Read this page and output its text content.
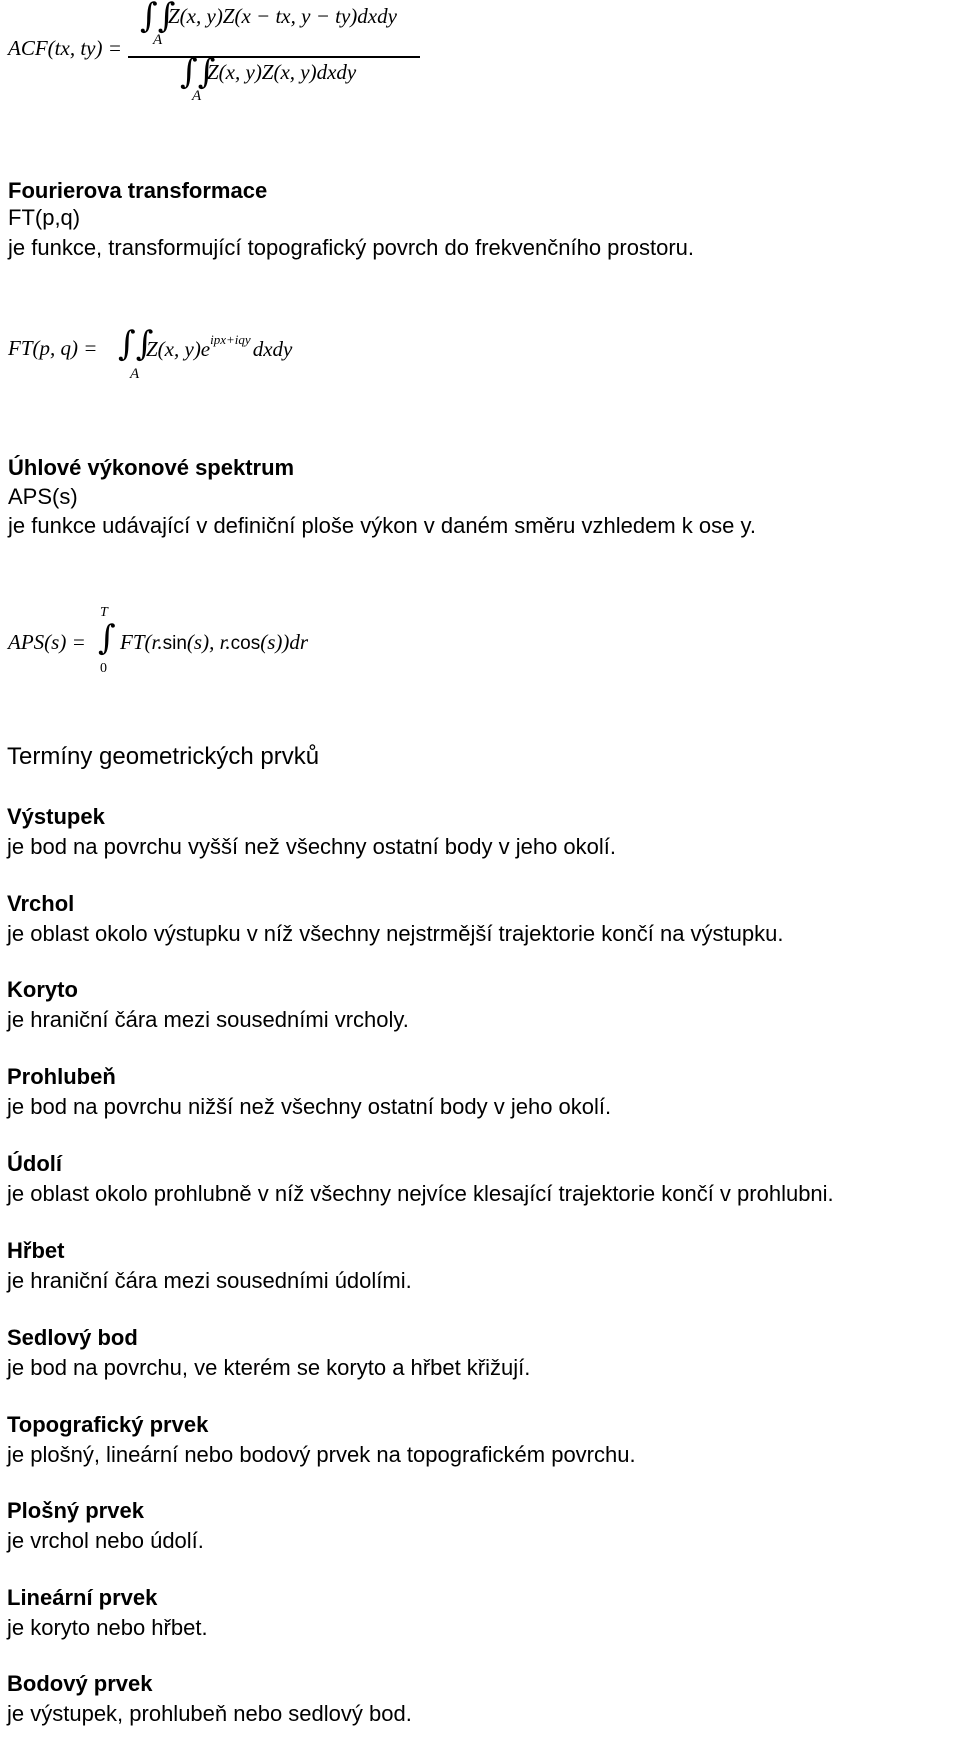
ACF(tx, ty) =
∫∫
Z(x, y)Z(x − tx, y − ty)dxdy
A
∫∫
Z(x, y)Z(x, y)dxdy
A
Fourierova transformace
FT(p,q)
je funkce, transformující topografický povrch do frekvenčního prostoru.
FT(p, q) = ∫∫
Z(x, $y)e^{ipx+iqy}dxdy$
A
Úhlové výkonové spektrum
APS(s)
je funkce udávající v definiční ploše výkon v daném směru vzhledem k ose y.
T
APS(s) = ∫
0
FT(r.sin(s), r.cos(s))dr
Termíny geometrických prvků
Výstupek
je bod na povrchu vyšší než všechny ostatní body v jeho okolí.
Vrchol
je oblast okolo výstupku v níž všechny nejstrmější trajektorie končí na výstupku.
Koryto
je hraniční čára mezi sousedními vrcholy.
Prohlubeň
je bod na povrchu nižší než všechny ostatní body v jeho okolí.
Údolí
je oblast okolo prohlubně v níž všechny nejvíce klesající trajektorie končí v prohlubni.
Hřbet
je hraniční čára mezi sousedními údolími.
Sedlový bod
je bod na povrchu, ve kterém se koryto a hřbet křižují.
Topografický prvek
je plošný, lineární nebo bodový prvek na topografickém povrchu.
Plošný prvek
je vrchol nebo údolí.
Lineární prvek
je koryto nebo hřbet.
Bodový prvek
je výstupek, prohlubeň nebo sedlový bod.
